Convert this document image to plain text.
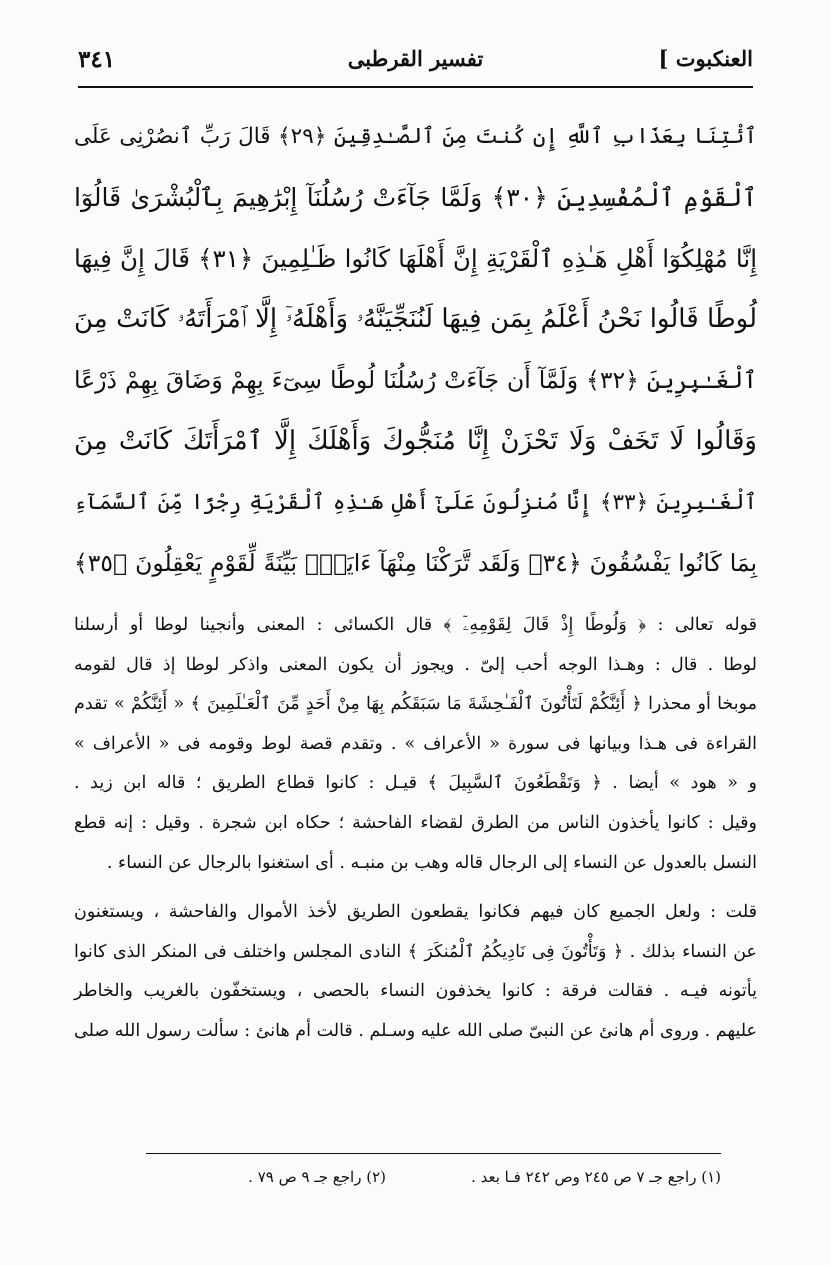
العنكبوت ]
تفسير القرطبى
٣٤١
ٱئْتِنَا بِعَذَابِ ٱللَّهِ إِن كُنتَ مِنَ ٱلصَّـٰدِقِينَ ﴿٢٩﴾ قَالَ رَبِّ ٱنصُرْنِى عَلَى
ٱلْقَوْمِ ٱلْمُفْسِدِينَ ﴿٣٠﴾ وَلَمَّا جَآءَتْ رُسُلُنَآ إِبْرَٰهِيمَ بِٱلْبُشْرَىٰ قَالُوٓا
إِنَّا مُهْلِكُوٓا أَهْلِ هَـٰذِهِ ٱلْقَرْيَةِ إِنَّ أَهْلَهَا كَانُوا ظَـٰلِمِينَ ﴿٣١﴾ قَالَ إِنَّ فِيهَا
لُوطًا قَالُوا نَحْنُ أَعْلَمُ بِمَن فِيهَا لَنُنَجِّيَنَّهُۥ وَأَهْلَهُۥٓ إِلَّا ٱمْرَأَتَهُۥ كَانَتْ مِنَ
ٱلْغَـٰبِرِينَ ﴿٣٢﴾ وَلَمَّآ أَن جَآءَتْ رُسُلُنَا لُوطًا سِىٓءَ بِهِمْ وَضَاقَ بِهِمْ ذَرْعًا
وَقَالُوا لَا تَخَفْ وَلَا تَحْزَنْ إِنَّا مُنَجُّوكَ وَأَهْلَكَ إِلَّا ٱمْرَأَتَكَ كَانَتْ مِنَ
ٱلْغَـٰبِرِينَ ﴿٣٣﴾ إِنَّا مُنزِلُونَ عَلَىٰٓ أَهْلِ هَـٰذِهِ ٱلْقَرْيَةِ رِجْزًا مِّنَ ٱلسَّمَآءِ
بِمَا كَانُوا يَفْسُقُونَ ﴿٣٤﴾ وَلَقَد تَّرَكْنَا مِنْهَآ ءَايَةًۢ بَيِّنَةً لِّقَوْمٍ يَعْقِلُونَ ﴿٣٥﴾
قوله تعالى : ﴿ وَلُوطًا إِذْ قَالَ لِقَوْمِهِۦٓ ﴾ قال الكسائى : المعنى وأنجينا لوطا أو أرسلنا
لوطا . قال : وهـذا الوجه أحب إلىّ . ويجوز أن يكون المعنى واذكر لوطا إذ قال لقومه
موبخا أو محذرا ﴿ أَئِنَّكُمْ لَتَأْتُونَ ٱلْفَـٰحِشَةَ مَا سَبَقَكُم بِهَا مِنْ أَحَدٍ مِّنَ ٱلْعَـٰلَمِينَ ﴾ « أَئِنَّكُمْ » تقدم
القراءة فى هـذا وبيانها فى سورة « الأعراف » . وتقدم قصة لوط وقومه فى « الأعراف »
و « هود » أيضا . ﴿ وَتَقْطَعُونَ ٱلسَّبِيلَ ﴾ قيـل : كانوا قطاع الطريق ؛ قاله ابن زيد .
وقيل : كانوا يأخذون الناس من الطرق لقضاء الفاحشة ؛ حكاه ابن شجرة . وقيل : إنه قطع
النسل بالعدول عن النساء إلى الرجال قاله وهب بن منبـه . أى استغنوا بالرجال عن النساء .
قلت : ولعل الجميع كان فيهم فكانوا يقطعون الطريق لأخذ الأموال والفاحشة ، ويستغنون
عن النساء بذلك . ﴿ وَتَأْتُونَ فِى نَادِيكُمُ ٱلْمُنكَرَ ﴾ النادى المجلس واختلف فى المنكر الذى كانوا
يأتونه فيـه . فقالت فرقة : كانوا يخذفون النساء بالحصى ، ويستخفّون بالغريب والخاطر
عليهم . وروى أم هانئ عن النبىّ صلى الله عليه وسـلم . قالت أم هانئ : سألت رسول الله صلى
(١) راجع جـ ٧ ص ٢٤٥ وص ٢٤٢ فـا بعد .
(٢) راجع جـ ٩ ص ٧٩ .
